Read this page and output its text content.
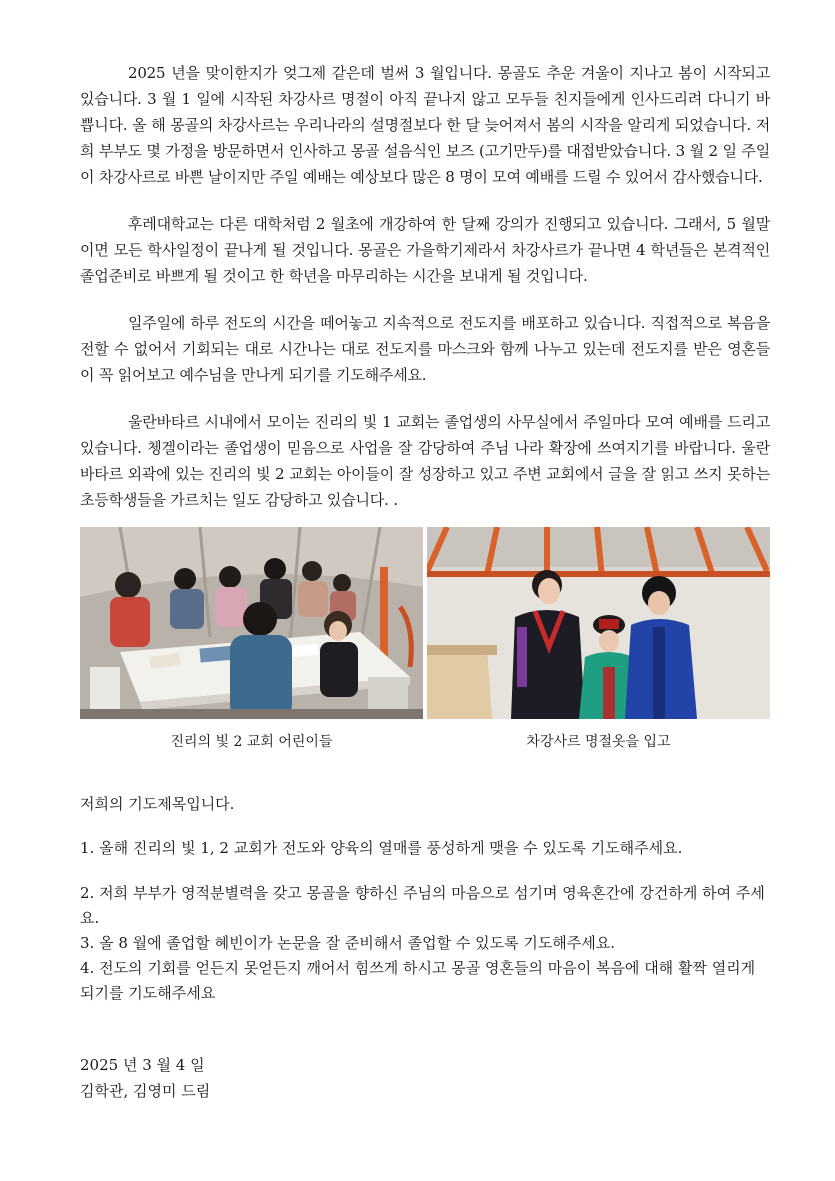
2025 년을 맞이한지가 엊그제 같은데 벌써 3 월입니다. 몽골도 추운 겨울이 지나고 봄이 시작되고 있습니다. 3 월 1 일에 시작된 차강사르 명절이 아직 끝나지 않고 모두들 친지들에게 인사드리려 다니기 바쁩니다. 올 해 몽골의 차강사르는 우리나라의 설명절보다 한 달 늦어져서 봄의 시작을 알리게 되었습니다. 저희 부부도 몇 가정을 방문하면서 인사하고 몽골 설음식인 보즈 (고기만두)를 대접받았습니다. 3 월 2 일 주일이 차강사르로 바쁜 날이지만 주일 예배는 예상보다 많은 8 명이 모여 예배를 드릴 수 있어서 감사했습니다.

후레대학교는 다른 대학처럼 2 월초에 개강하여 한 달째 강의가 진행되고 있습니다. 그래서, 5 월말이면 모든 학사일정이 끝나게 될 것입니다. 몽골은 가을학기제라서 차강사르가 끝나면 4 학년들은 본격적인 졸업준비로 바쁘게 될 것이고 한 학년을 마무리하는 시간을 보내게 될 것입니다.

일주일에 하루 전도의 시간을 떼어놓고 지속적으로 전도지를 배포하고 있습니다. 직접적으로 복음을 전할 수 없어서 기회되는 대로 시간나는 대로 전도지를 마스크와 함께 나누고 있는데 전도지를 받은 영혼들이 꼭 읽어보고 예수님을 만나게 되기를 기도해주세요.

울란바타르 시내에서 모이는 진리의 빛 1 교회는 졸업생의 사무실에서 주일마다 모여 예배를 드리고 있습니다. 쳉겔이라는 졸업생이 믿음으로 사업을 잘 감당하여 주님 나라 확장에 쓰여지기를 바랍니다. 울란바타르 외곽에 있는 진리의 빛 2 교회는 아이들이 잘 성장하고 있고 주변 교회에서 글을 잘 읽고 쓰지 못하는 초등학생들을 가르치는 일도 감당하고 있습니다. .

진리의 빛 2 교회 어린이들	차강사르 명절옷을 입고
저희의 기도제목입니다.
1. 올해 진리의 빛 1, 2 교회가 전도와 양육의 열매를 풍성하게 맺을 수 있도록 기도해주세요.
2. 저희 부부가 영적분별력을 갖고 몽골을 향하신 주님의 마음으로 섬기며 영육혼간에 강건하게 하여 주세요.
3. 올 8 월에 졸업할 혜빈이가 논문을 잘 준비해서 졸업할 수 있도록 기도해주세요.
4. 전도의 기회를 얻든지 못얻든지 깨어서 힘쓰게 하시고 몽골 영혼들의 마음이 복음에 대해 활짝 열리게 되기를 기도해주세요
2025 년 3 월 4 일
김학관, 김영미 드림
